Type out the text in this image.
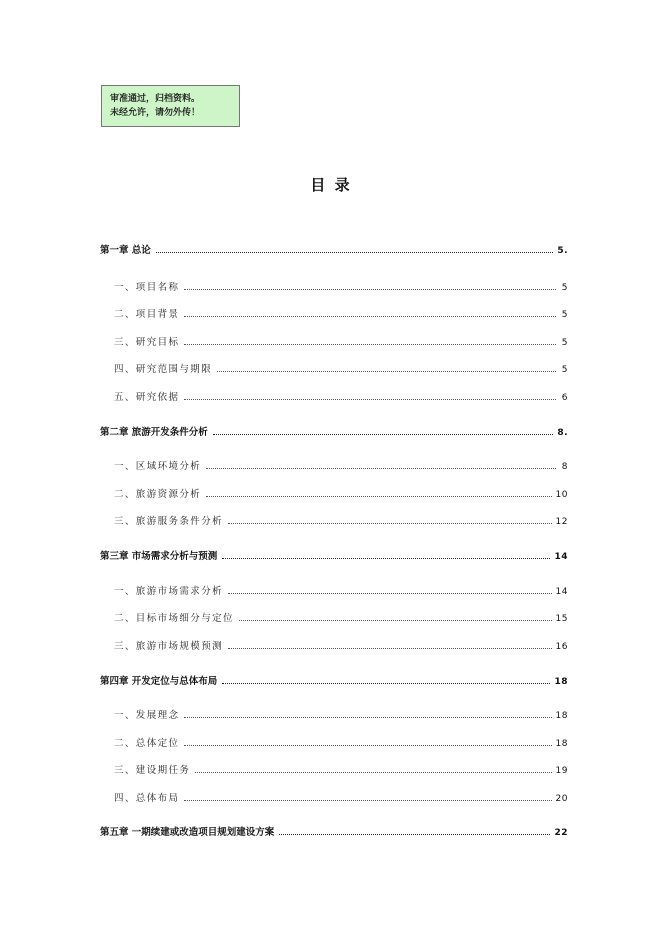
审准通过，归档资料。
未经允许，请勿外传！
目 录
第一章 总论	5.
一、项目名称	5
二、项目背景	5
三、研究目标	5
四、研究范围与期限	5
五、研究依据	6
第二章 旅游开发条件分析	8.
一、区域环境分析	8
二、旅游资源分析	10
三、旅游服务条件分析	12
第三章 市场需求分析与预测	14
一、旅游市场需求分析	14
二、目标市场细分与定位	15
三、旅游市场规模预测	16
第四章 开发定位与总体布局	18
一、发展理念	18
二、总体定位	18
三、建设期任务	19
四、总体布局	20
第五章 一期续建或改造项目规划建设方案	22
